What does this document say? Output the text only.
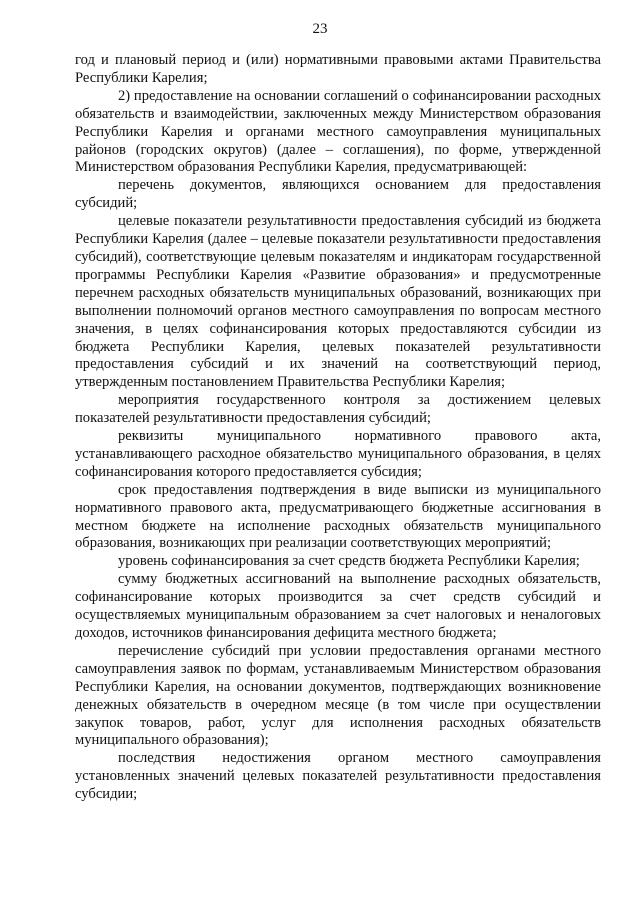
23

год и плановый период и (или) нормативными правовыми актами Правительства Республики Карелия;

2) предоставление на основании соглашений о софинансировании расходных обязательств и взаимодействии, заключенных между Министерством образования Республики Карелия и органами местного самоуправления муниципальных районов (городских округов) (далее – соглашения), по форме, утвержденной Министерством образования Республики Карелия, предусматривающей:

перечень документов, являющихся основанием для предоставления субсидий;

целевые показатели результативности предоставления субсидий из бюджета Республики Карелия (далее – целевые показатели результативности предоставления субсидий), соответствующие целевым показателям и индикаторам государственной программы Республики Карелия «Развитие образования» и предусмотренные перечнем расходных обязательств муниципальных образований, возникающих при выполнении полномочий органов местного самоуправления по вопросам местного значения, в целях софинансирования которых предоставляются субсидии из бюджета Республики Карелия, целевых показателей результативности предоставления субсидий и их значений на соответствующий период, утвержденным постановлением Правительства Республики Карелия;

мероприятия государственного контроля за достижением целевых показателей результативности предоставления субсидий;

реквизиты муниципального нормативного правового акта, устанавливающего расходное обязательство муниципального образования, в целях софинансирования которого предоставляется субсидия;

срок предоставления подтверждения в виде выписки из муниципального нормативного правового акта, предусматривающего бюджетные ассигнования в местном бюджете на исполнение расходных обязательств муниципального образования, возникающих при реализации соответствующих мероприятий;

уровень софинансирования за счет средств бюджета Республики Карелия;

сумму бюджетных ассигнований на выполнение расходных обязательств, софинансирование которых производится за счет средств субсидий и осуществляемых муниципальным образованием за счет налоговых и неналоговых доходов, источников финансирования дефицита местного бюджета;

перечисление субсидий при условии предоставления органами местного самоуправления заявок по формам, устанавливаемым Министерством образования Республики Карелия, на основании документов, подтверждающих возникновение денежных обязательств в очередном месяце (в том числе при осуществлении закупок товаров, работ, услуг для исполнения расходных обязательств муниципального образования);

последствия недостижения органом местного самоуправления установленных значений целевых показателей результативности предоставления субсидии;
